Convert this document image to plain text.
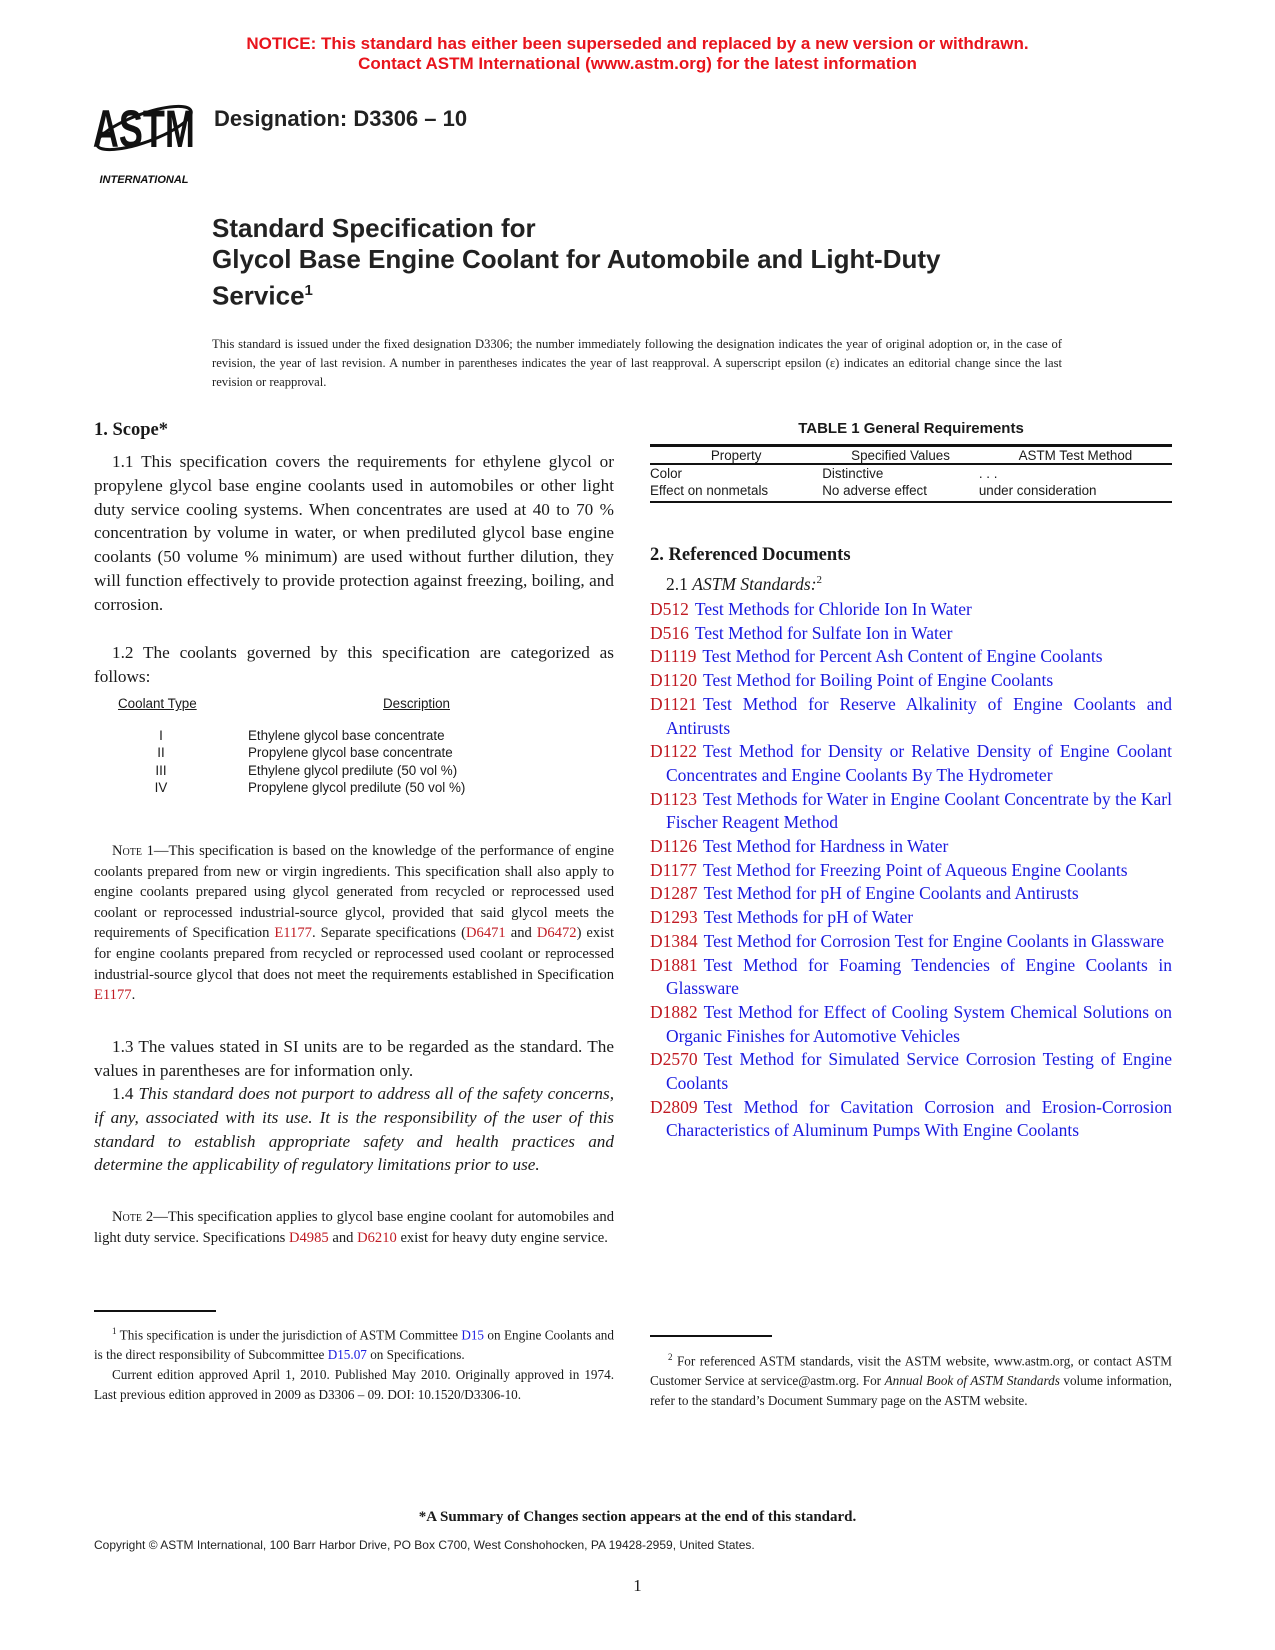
NOTICE: This standard has either been superseded and replaced by a new version or withdrawn.
Contact ASTM International (www.astm.org) for the latest information
ASTM
INTERNATIONAL
Designation: D3306 – 10
Standard Specification for
Glycol Base Engine Coolant for Automobile and Light-Duty
Service$^1$
This standard is issued under the fixed designation D3306; the number immediately following the designation indicates the year of original adoption or, in the case of revision, the year of last revision. A number in parentheses indicates the year of last reapproval. A superscript epsilon (ε) indicates an editorial change since the last revision or reapproval.
1. Scope*

1.1 This specification covers the requirements for ethylene glycol or propylene glycol base engine coolants used in automobiles or other light duty service cooling systems. When concentrates are used at 40 to 70 % concentration by volume in water, or when prediluted glycol base engine coolants (50 volume % minimum) are used without further dilution, they will function effectively to provide protection against freezing, boiling, and corrosion.

1.2 The coolants governed by this specification are categorized as follows:

Coolant Type	Description
I	Ethylene glycol base concentrate
II	Propylene glycol base concentrate
III	Ethylene glycol predilute (50 vol %)
IV	Propylene glycol predilute (50 vol %)

Note 1—This specification is based on the knowledge of the performance of engine coolants prepared from new or virgin ingredients. This specification shall also apply to engine coolants prepared using glycol generated from recycled or reprocessed used coolant or reprocessed industrial-source glycol, provided that said glycol meets the requirements of Specification E1177. Separate specifications (D6471 and D6472) exist for engine coolants prepared from recycled or reprocessed used coolant or reprocessed industrial-source glycol that does not meet the requirements established in Specification E1177.

1.3 The values stated in SI units are to be regarded as the standard. The values in parentheses are for information only.

1.4 This standard does not purport to address all of the safety concerns, if any, associated with its use. It is the responsibility of the user of this standard to establish appropriate safety and health practices and determine the applicability of regulatory limitations prior to use.

Note 2—This specification applies to glycol base engine coolant for automobiles and light duty service. Specifications D4985 and D6210 exist for heavy duty engine service.

TABLE 1 General Requirements
Property	Specified Values	ASTM Test Method
Color	Distinctive	. . .
Effect on nonmetals	No adverse effect	under consideration
2. Referenced Documents
2.1 ASTM Standards:$^2$

D512 Test Methods for Chloride Ion In Water

D516 Test Method for Sulfate Ion in Water

D1119 Test Method for Percent Ash Content of Engine Coolants

D1120 Test Method for Boiling Point of Engine Coolants

D1121 Test Method for Reserve Alkalinity of Engine Coolants and Antirusts

D1122 Test Method for Density or Relative Density of Engine Coolant Concentrates and Engine Coolants By The Hydrometer

D1123 Test Methods for Water in Engine Coolant Concentrate by the Karl Fischer Reagent Method

D1126 Test Method for Hardness in Water

D1177 Test Method for Freezing Point of Aqueous Engine Coolants

D1287 Test Method for pH of Engine Coolants and Antirusts

D1293 Test Methods for pH of Water

D1384 Test Method for Corrosion Test for Engine Coolants in Glassware

D1881 Test Method for Foaming Tendencies of Engine Coolants in Glassware

D1882 Test Method for Effect of Cooling System Chemical Solutions on Organic Finishes for Automotive Vehicles

D2570 Test Method for Simulated Service Corrosion Testing of Engine Coolants

D2809 Test Method for Cavitation Corrosion and Erosion-Corrosion Characteristics of Aluminum Pumps With Engine Coolants

$^1$ This specification is under the jurisdiction of ASTM Committee D15 on Engine Coolants and is the direct responsibility of Subcommittee D15.07 on Specifications.
Current edition approved April 1, 2010. Published May 2010. Originally approved in 1974. Last previous edition approved in 2009 as D3306 – 09. DOI: 10.1520/D3306-10.
$^2$ For referenced ASTM standards, visit the ASTM website, www.astm.org, or contact ASTM Customer Service at service@astm.org. For Annual Book of ASTM Standards volume information, refer to the standard’s Document Summary page on the ASTM website.
*A Summary of Changes section appears at the end of this standard.
Copyright © ASTM International, 100 Barr Harbor Drive, PO Box C700, West Conshohocken, PA 19428-2959, United States.
1
